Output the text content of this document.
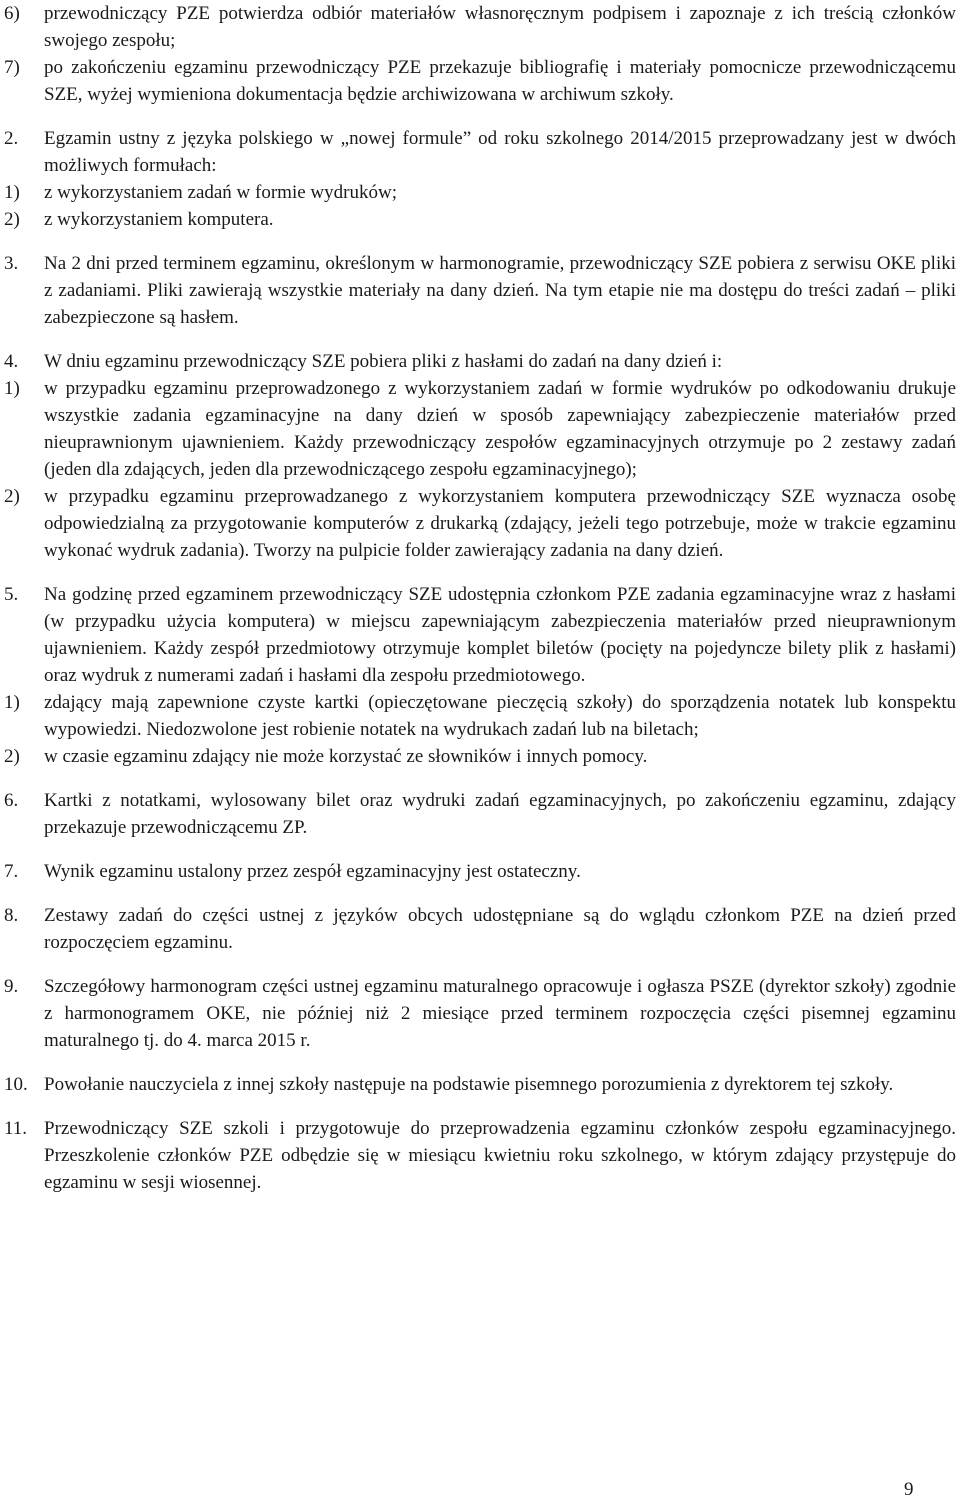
6) przewodniczący PZE potwierdza odbiór materiałów własnoręcznym podpisem i zapoznaje z ich treścią członków swojego zespołu;
7) po zakończeniu egzaminu przewodniczący PZE przekazuje bibliografię i materiały pomocnicze przewodniczącemu SZE, wyżej wymieniona dokumentacja będzie archiwizowana w archiwum szkoły.
2. Egzamin ustny z języka polskiego w „nowej formule” od roku szkolnego 2014/2015 przeprowadzany jest w dwóch możliwych formułach:
1) z wykorzystaniem zadań w formie wydruków;
2) z wykorzystaniem komputera.
3. Na 2 dni przed terminem egzaminu, określonym w harmonogramie, przewodniczący SZE pobiera z serwisu OKE pliki z zadaniami. Pliki zawierają wszystkie materiały na dany dzień. Na tym etapie nie ma dostępu do treści zadań – pliki zabezpieczone są hasłem.
4. W dniu egzaminu przewodniczący SZE pobiera pliki z hasłami do zadań na dany dzień i:
1) w przypadku egzaminu przeprowadzonego z wykorzystaniem zadań w formie wydruków po odkodowaniu drukuje wszystkie zadania egzaminacyjne na dany dzień w sposób zapewniający zabezpieczenie materiałów przed nieuprawnionym ujawnieniem. Każdy przewodniczący zespołów egzaminacyjnych otrzymuje po 2 zestawy zadań (jeden dla zdających, jeden dla przewodniczącego zespołu egzaminacyjnego);
2) w przypadku egzaminu przeprowadzanego z wykorzystaniem komputera przewodniczący SZE wyznacza osobę odpowiedzialną za przygotowanie komputerów z drukarką (zdający, jeżeli tego potrzebuje, może w trakcie egzaminu wykonać wydruk zadania). Tworzy na pulpicie folder zawierający zadania na dany dzień.
5. Na godzinę przed egzaminem przewodniczący SZE udostępnia członkom PZE zadania egzaminacyjne wraz z hasłami (w przypadku użycia komputera) w miejscu zapewniającym zabezpieczenia materiałów przed nieuprawnionym ujawnieniem. Każdy zespół przedmiotowy otrzymuje komplet biletów (pocięty na pojedyncze bilety plik z hasłami) oraz wydruk z numerami zadań i hasłami dla zespołu przedmiotowego.
1) zdający mają zapewnione czyste kartki (opieczętowane pieczęcią szkoły) do sporządzenia notatek lub konspektu wypowiedzi. Niedozwolone jest robienie notatek na wydrukach zadań lub na biletach;
2) w czasie egzaminu zdający nie może korzystać ze słowników i innych pomocy.
6. Kartki z notatkami, wylosowany bilet oraz wydruki zadań egzaminacyjnych, po zakończeniu egzaminu, zdający przekazuje przewodniczącemu ZP.
7. Wynik egzaminu ustalony przez zespół egzaminacyjny jest ostateczny.
8. Zestawy zadań do części ustnej z języków obcych udostępniane są do wglądu członkom PZE na dzień przed rozpoczęciem egzaminu.
9. Szczegółowy harmonogram części ustnej egzaminu maturalnego opracowuje i ogłasza PSZE (dyrektor szkoły) zgodnie z harmonogramem OKE, nie później niż 2 miesiące przed terminem rozpoczęcia części pisemnej egzaminu maturalnego tj. do 4. marca 2015 r.
10. Powołanie nauczyciela z innej szkoły następuje na podstawie pisemnego porozumienia z dyrektorem tej szkoły.
11. Przewodniczący SZE szkoli i przygotowuje do przeprowadzenia egzaminu członków zespołu egzaminacyjnego. Przeszkolenie członków PZE odbędzie się w miesiącu kwietniu roku szkolnego, w którym zdający przystępuje do egzaminu w sesji wiosennej.
9
